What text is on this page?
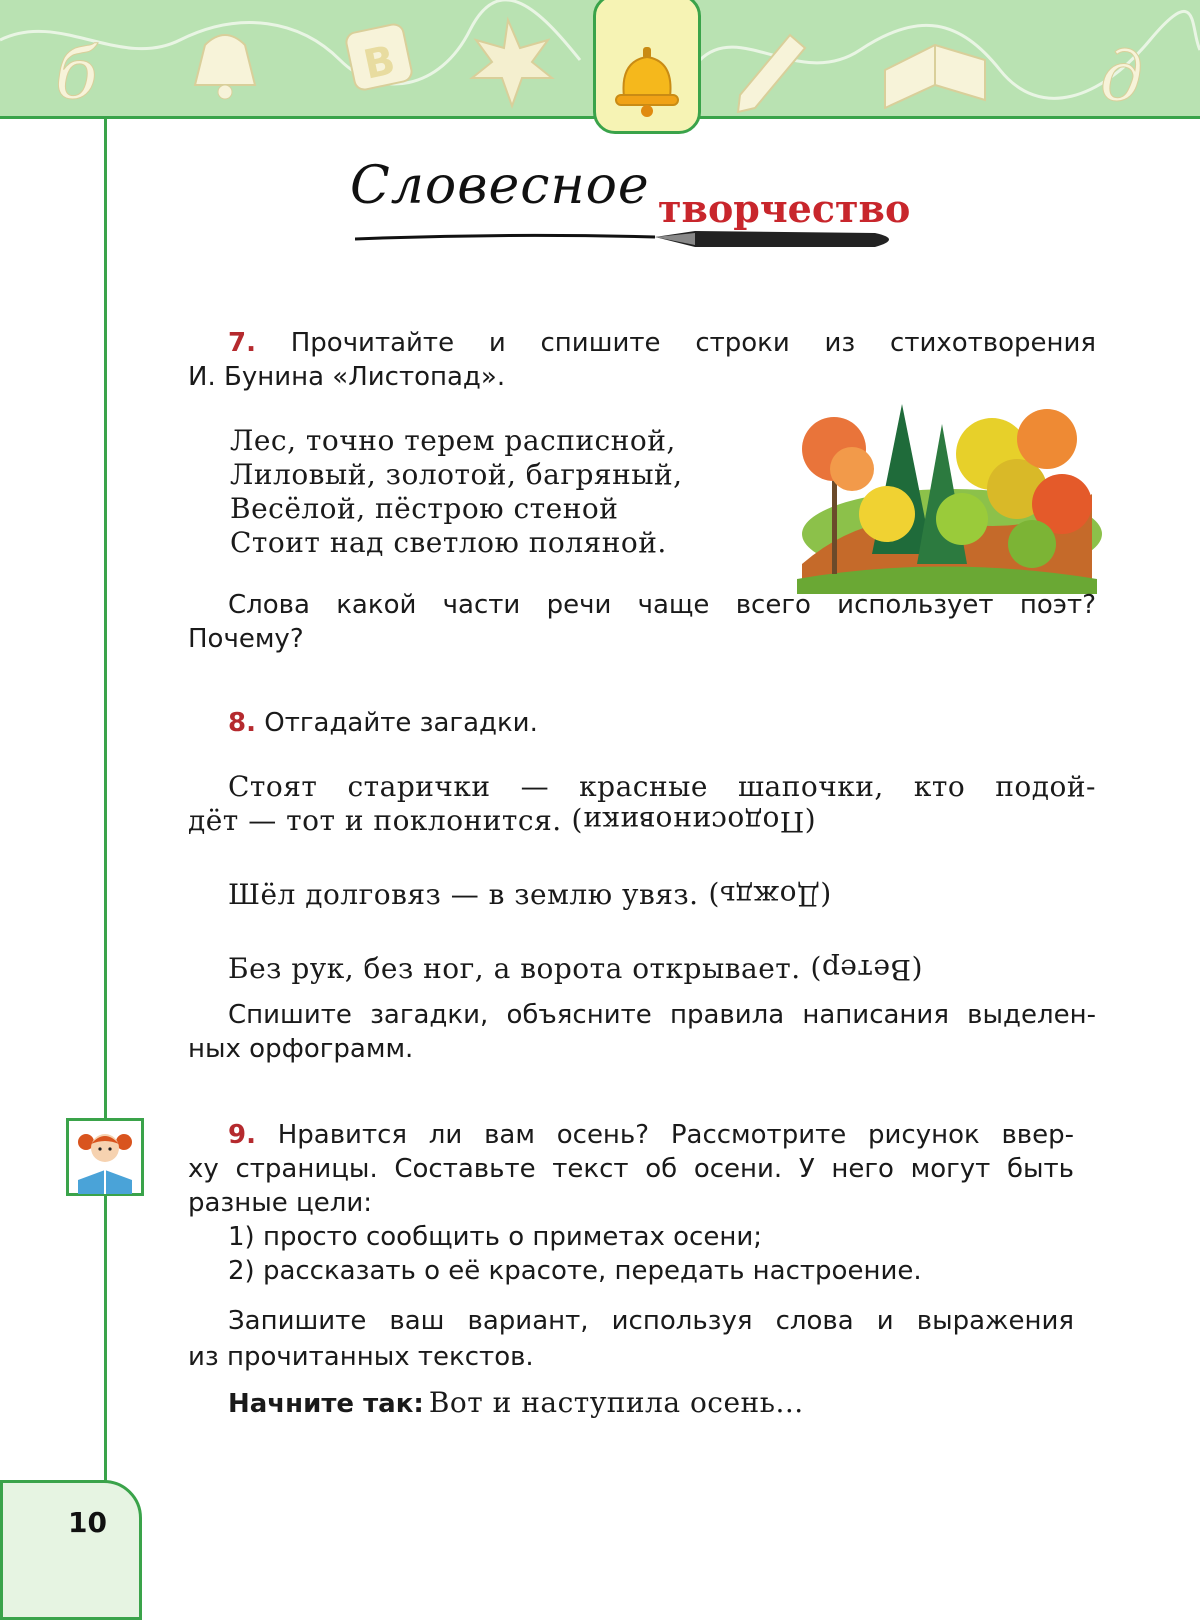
б	В	д
Словесное творчество
7. Прочитайте и спишите строки из стихотворения
И. Бунина «Листопад».
Лес, точно терем расписной,
Лиловый, золотой, багряный,
Весёлой, пёстрою стеной
Стоит над светлою поляной.
Слова какой части речи чаще всего использует поэт?
Почему?
8. Отгадайте загадки.
Стоят старички — красные шапочки, кто подой-
дёт — тот и поклонится. (Подосиновики)
Шёл долговяз — в землю увяз. (Дождь)
Без рук, без ног, а ворота открывает. (Ветер)
Спишите загадки, объясните правила написания выделен-
ных орфограмм.
9. Нравится ли вам осень? Рассмотрите рисунок ввер-
ху страницы. Составьте текст об осени. У него могут быть
разные цели:
1) просто сообщить о приметах осени;
2) рассказать о её красоте, передать настроение.
Запишите ваш вариант, используя слова и выражения
из прочитанных текстов.
Начните так: Вот и наступила осень...
10
